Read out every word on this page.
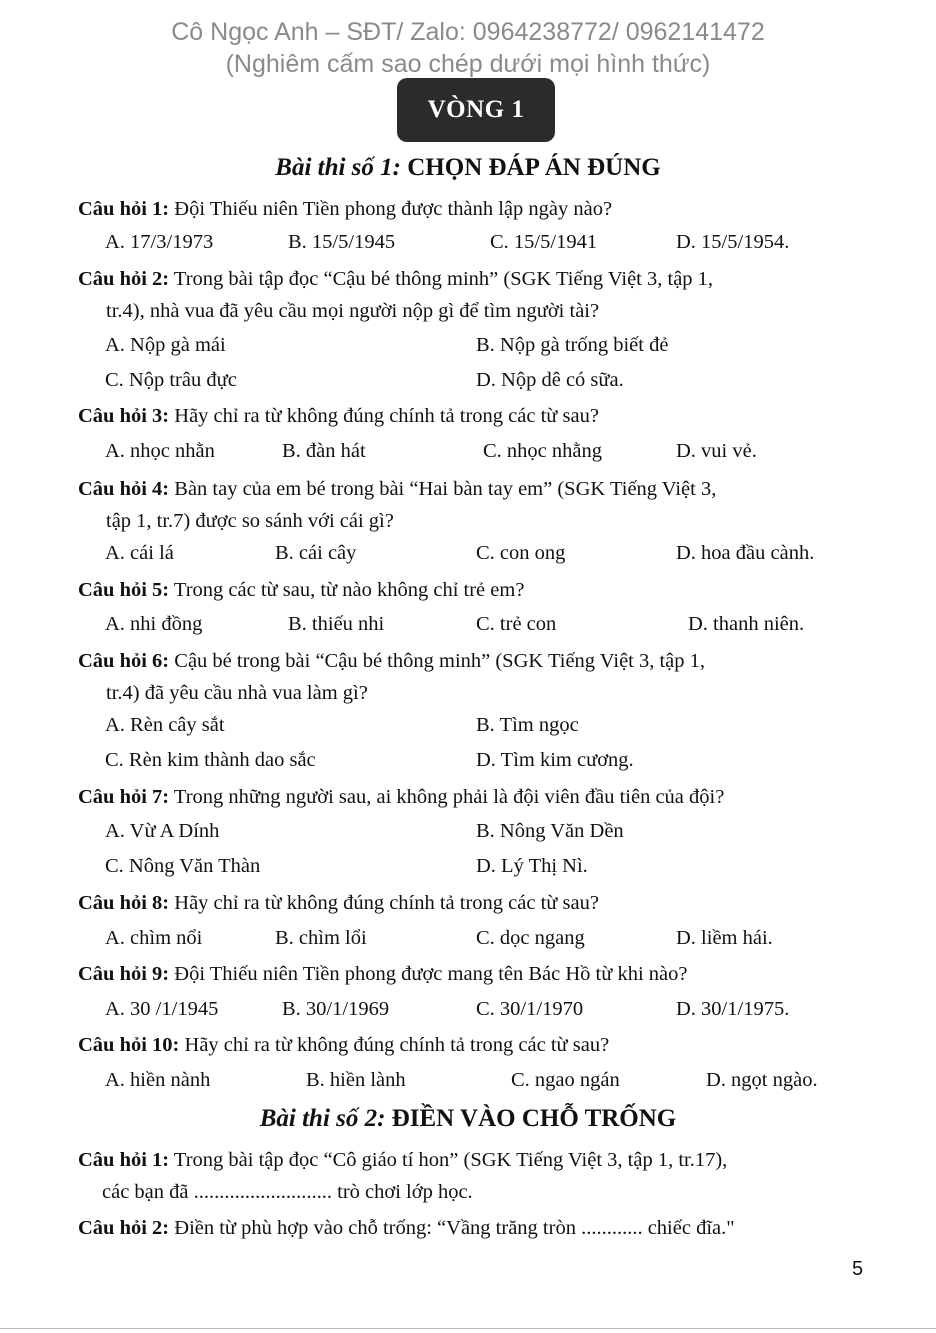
Cô Ngọc Anh – SĐT/ Zalo: 0964238772/ 0962141472
(Nghiêm cấm sao chép dưới mọi hình thức)
VÒNG 1
Bài thi số 1: CHỌN ĐÁP ÁN ĐÚNG
Câu hỏi 1: Đội Thiếu niên Tiền phong được thành lập ngày nào?
A. 17/3/1973	B. 15/5/1945	C. 15/5/1941	D. 15/5/1954.
Câu hỏi 2: Trong bài tập đọc “Cậu bé thông minh” (SGK Tiếng Việt 3, tập 1,
tr.4), nhà vua đã yêu cầu mọi người nộp gì để tìm người tài?
A. Nộp gà mái	B. Nộp gà trống biết đẻ
C. Nộp trâu đực	D. Nộp dê có sữa.
Câu hỏi 3: Hãy chỉ ra từ không đúng chính tả trong các từ sau?
A. nhọc nhằn	B. đàn hát	C. nhọc nhằng	D. vui vẻ.
Câu hỏi 4: Bàn tay của em bé trong bài “Hai bàn tay em” (SGK Tiếng Việt 3,
tập 1, tr.7) được so sánh với cái gì?
A. cái lá	B. cái cây	C. con ong	D. hoa đầu cành.
Câu hỏi 5: Trong các từ sau, từ nào không chỉ trẻ em?
A. nhi đồng	B. thiếu nhi	C. trẻ con	D. thanh niên.
Câu hỏi 6: Cậu bé trong bài “Cậu bé thông minh” (SGK Tiếng Việt 3, tập 1,
tr.4) đã yêu cầu nhà vua làm gì?
A. Rèn cây sắt	B. Tìm ngọc
C. Rèn kim thành dao sắc	D. Tìm kim cương.
Câu hỏi 7: Trong những người sau, ai không phải là đội viên đầu tiên của đội?
A. Vừ A Dính	B. Nông Văn Dền
C. Nông Văn Thàn	D. Lý Thị Nì.
Câu hỏi 8: Hãy chỉ ra từ không đúng chính tả trong các từ sau?
A. chìm nổi	B. chìm lổi	C. dọc ngang	D. liềm hái.
Câu hỏi 9: Đội Thiếu niên Tiền phong được mang tên Bác Hồ từ khi nào?
A. 30 /1/1945	B. 30/1/1969	C. 30/1/1970	D. 30/1/1975.
Câu hỏi 10: Hãy chỉ ra từ không đúng chính tả trong các từ sau?
A. hiền nành	B. hiền lành	C. ngao ngán	D. ngọt ngào.
Bài thi số 2: ĐIỀN VÀO CHỖ TRỐNG
Câu hỏi 1: Trong bài tập đọc “Cô giáo tí hon” (SGK Tiếng Việt 3, tập 1, tr.17),
các bạn đã ........................... trò chơi lớp học.
Câu hỏi 2: Điền từ phù hợp vào chỗ trống: “Vầng trăng tròn ............ chiếc đĩa."
5
